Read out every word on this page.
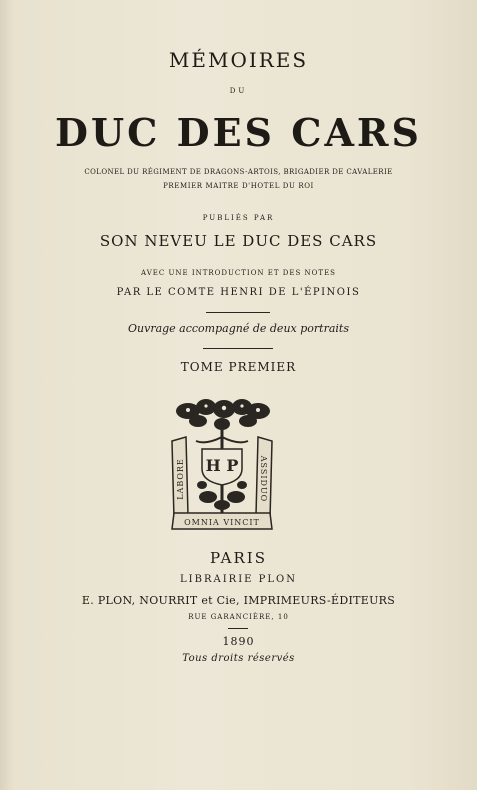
MÉMOIRES
DU
DUC DES CARS
COLONEL DU RÉGIMENT DE DRAGONS-ARTOIS, BRIGADIER DE CAVALERIE
PREMIER MAITRE D'HOTEL DU ROI
PUBLIÉS PAR
SON NEVEU LE DUC DES CARS
AVEC UNE INTRODUCTION ET DES NOTES
PAR LE COMTE HENRI DE L'ÉPINOIS
Ouvrage accompagné de deux portraits
TOME PREMIER
H P
LABORE	ASSIDUO
OMNIA VINCIT
PARIS
LIBRAIRIE PLON
E. PLON, NOURRIT et Cie, IMPRIMEURS-ÉDITEURS
RUE GARANCIÈRE, 10
1890
Tous droits réservés
